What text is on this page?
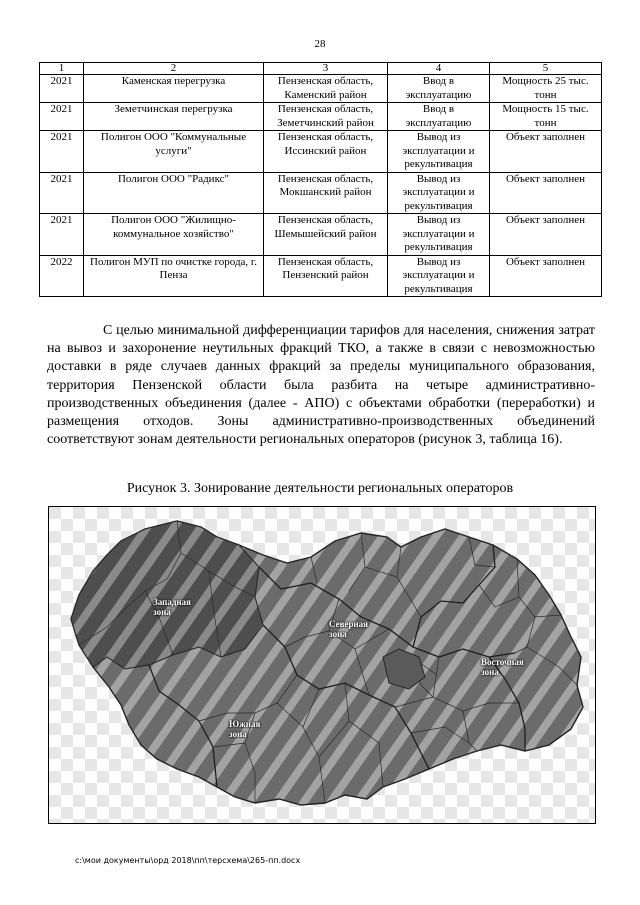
28
1	2	3	4	5
2021	Каменская перегрузка	Пензенская область, Каменский район	Ввод в эксплуатацию	Мощность 25 тыс. тонн
2021	Земетчинская перегрузка	Пензенская область, Земетчинский район	Ввод в эксплуатацию	Мощность 15 тыс. тонн
2021	Полигон ООО "Коммунальные услуги"	Пензенская область, Иссинский район	Вывод из эксплуатации и рекультивация	Объект заполнен
2021	Полигон ООО "Радикс"	Пензенская область, Мокшанский район	Вывод из эксплуатации и рекультивация	Объект заполнен
2021	Полигон ООО "Жилищно-коммунальное хозяйство"	Пензенская область, Шемышейский район	Вывод из эксплуатации и рекультивация	Объект заполнен
2022	Полигон МУП по очистке города, г. Пенза	Пензенская область, Пензенский район	Вывод из эксплуатации и рекультивация	Объект заполнен

С целью минимальной дифференциации тарифов для населения, снижения затрат на вывоз и захоронение неутильных фракций ТКО, а также в связи с невозможностью доставки в ряде случаев данных фракций за пределы муниципального образования, территория Пензенской области была разбита на четыре административно-производственных объединения (далее - АПО) с объектами обработки (переработки) и размещения отходов. Зоны административно-производственных объединений соответствуют зонам деятельности региональных операторов (рисунок 3, таблица 16).

Рисунок 3. Зонирование деятельности региональных операторов
Западная зона
Северная зона
Восточная зона
Южная зона
c:\мои документы\орд 2018\пп\терсхема\265-пп.docx
